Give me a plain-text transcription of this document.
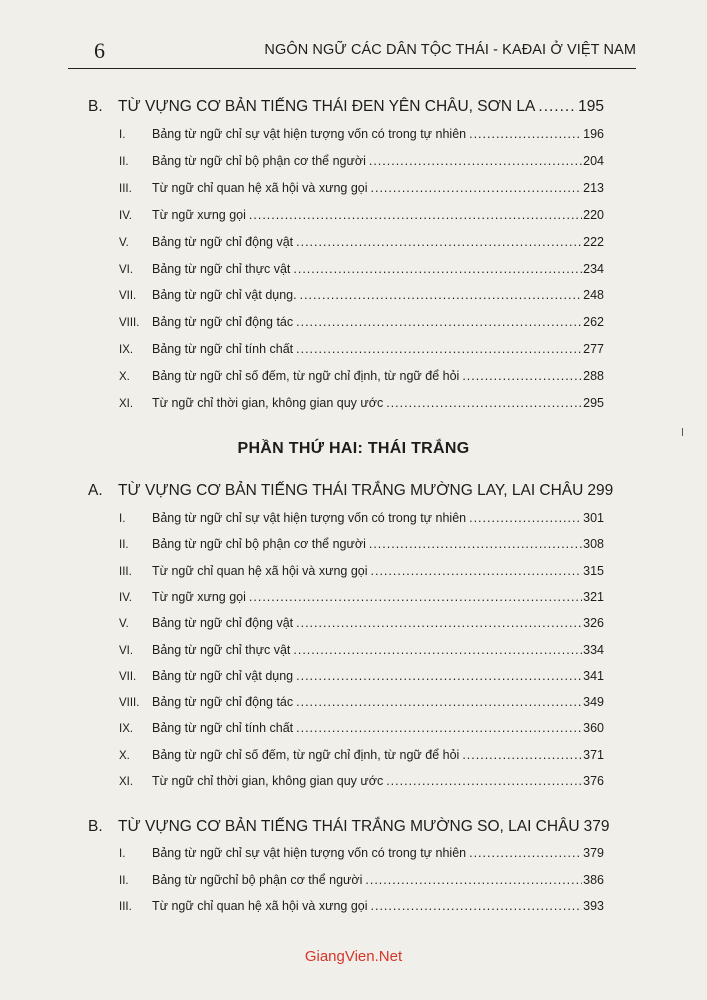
6	NGÔN NGỮ CÁC DÂN TỘC THÁI - KAĐAI Ở VIỆT NAM
B. TỪ VỰNG CƠ BẢN TIẾNG THÁI ĐEN YÊN CHÂU, SƠN LA .....	195
I.	Bảng từ ngữ chỉ sự vật hiện tượng vốn có trong tự nhiên .....	196
II.	Bảng từ ngữ chỉ bộ phận cơ thể người .....	204
III.	Từ ngữ chỉ quan hệ xã hội và xưng gọi .....	213
IV.	Từ ngữ xưng gọi .....	220
V.	Bảng từ ngữ chỉ động vật .....	222
VI.	Bảng từ ngữ chỉ thực vật .....	234
VII.	Bảng từ ngữ chỉ vật dụng. .....	248
VIII.	Bảng từ ngữ chỉ động tác .....	262
IX.	Bảng từ ngữ chỉ tính chất .....	277
X.	Bảng từ ngữ chỉ số đếm, từ ngữ chỉ định, từ ngữ để hỏi .....	288
XI.	Từ ngữ chỉ thời gian, không gian quy ước .....	295
PHẦN THỨ HAI: THÁI TRẮNG
A. TỪ VỰNG CƠ BẢN TIẾNG THÁI TRẮNG MƯỜNG LAY, LAI CHÂU 299
I.	Bảng từ ngữ chỉ sự vật hiện tượng vốn có trong tự nhiên .....	301
II.	Bảng từ ngữ chỉ bộ phận cơ thể người .....	308
III.	Từ ngữ chỉ quan hệ xã hội và xưng gọi .....	315
IV.	Từ ngữ xưng gọi .....	321
V.	Bảng từ ngữ chỉ động vật .....	326
VI.	Bảng từ ngữ chỉ thực vật .....	334
VII.	Bảng từ ngữ chỉ vật dụng .....	341
VIII.	Bảng từ ngữ chỉ động tác .....	349
IX.	Bảng từ ngữ chỉ tính chất .....	360
X.	Bảng từ ngữ chỉ số đếm, từ ngữ chỉ định, từ ngữ để hỏi .....	371
XI.	Từ ngữ chỉ thời gian, không gian quy ước .....	376
B. TỪ VỰNG CƠ BẢN TIẾNG THÁI TRẮNG MƯỜNG SO, LAI CHÂU 379
I.	Bảng từ ngữ chỉ sự vật hiện tượng vốn có trong tự nhiên .....	379
II.	Bảng từ ngữchỉ bộ phận cơ thể người .....	386
III.	Từ ngữ chỉ quan hệ xã hội và xưng gọi .....	393
GiangVien.Net
